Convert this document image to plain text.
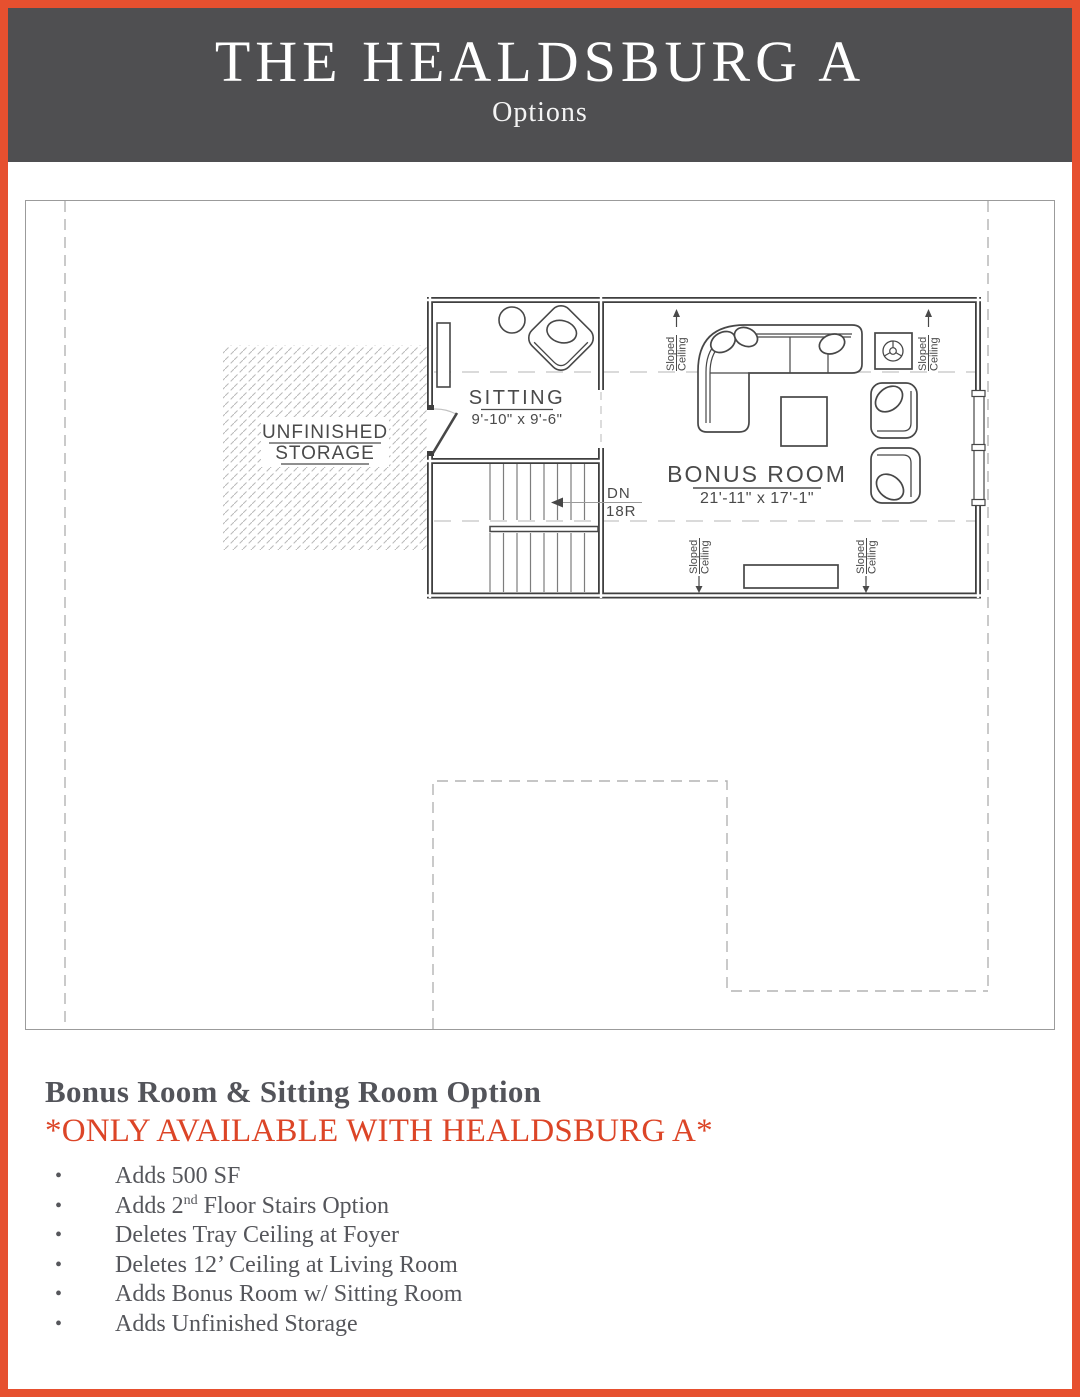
THE HEALDSBURG A
Options
SITTING
9'-10" x 9'-6"
BONUS ROOM
21'-11" x 17'-1"
DN
18R
UNFINISHED
STORAGE
Sloped Ceiling	Sloped Ceiling
Sloped Ceiling	Sloped Ceiling
Bonus Room & Sitting Room Option
*ONLY AVAILABLE WITH HEALDSBURG A*
• Adds 500 SF
• Adds 2nd Floor Stairs Option
• Deletes Tray Ceiling at Foyer
• Deletes 12’ Ceiling at Living Room
• Adds Bonus Room w/ Sitting Room
• Adds Unfinished Storage
